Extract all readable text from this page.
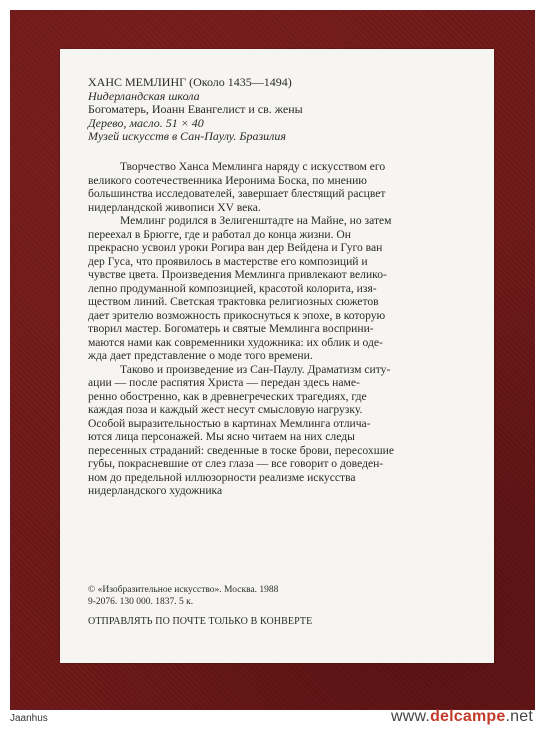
ХАНС МЕМЛИНГ (Около 1435—1494)
Нидерландская школа
Богоматерь, Иоанн Евангелист и св. жены
Дерево, масло. 51 × 40
Музей искусств в Сан-Паулу. Бразилия
Творчество Ханса Мемлинга наряду с искусством его
великого соотечественника Иеронима Боска, по мнению
большинства исследователей, завершает блестящий расцвет
нидерландской живописи XV века.
Мемлинг родился в Зелигенштадте на Майне, но затем
переехал в Брюгге, где и работал до конца жизни. Он
прекрасно усвоил уроки Рогира ван дер Вейдена и Гуго ван
дер Гуса, что проявилось в мастерстве его композиций и
чувстве цвета. Произведения Мемлинга привлекают велико-
лепно продуманной композицией, красотой колорита, изя-
ществом линий. Светская трактовка религиозных сюжетов
дает зрителю возможность прикоснуться к эпохе, в которую
творил мастер. Богоматерь и святые Мемлинга восприни-
маются нами как современники художника: их облик и оде-
жда дает представление о моде того времени.
Таково и произведение из Сан-Паулу. Драматизм ситу-
ации — после распятия Христа — передан здесь наме-
ренно обостренно, как в древнегреческих трагедиях, где
каждая поза и каждый жест несут смысловую нагрузку.
Особой выразительностью в картинах Мемлинга отлича-
ются лица персонажей. Мы ясно читаем на них следы
пересенных страданий: сведенные в тоске брови, пересохшие
губы, покрасневшие от слез глаза — все говорит о доведен-
ном до предельной иллюзорности реализме искусства
нидерландского художника
© «Изобразительное искусство». Москва. 1988
9-2076. 130 000. 1837. 5 к.
ОТПРАВЛЯТЬ ПО ПОЧТЕ ТОЛЬКО В КОНВЕРТЕ
Jaanhus	www.delcampe.net
